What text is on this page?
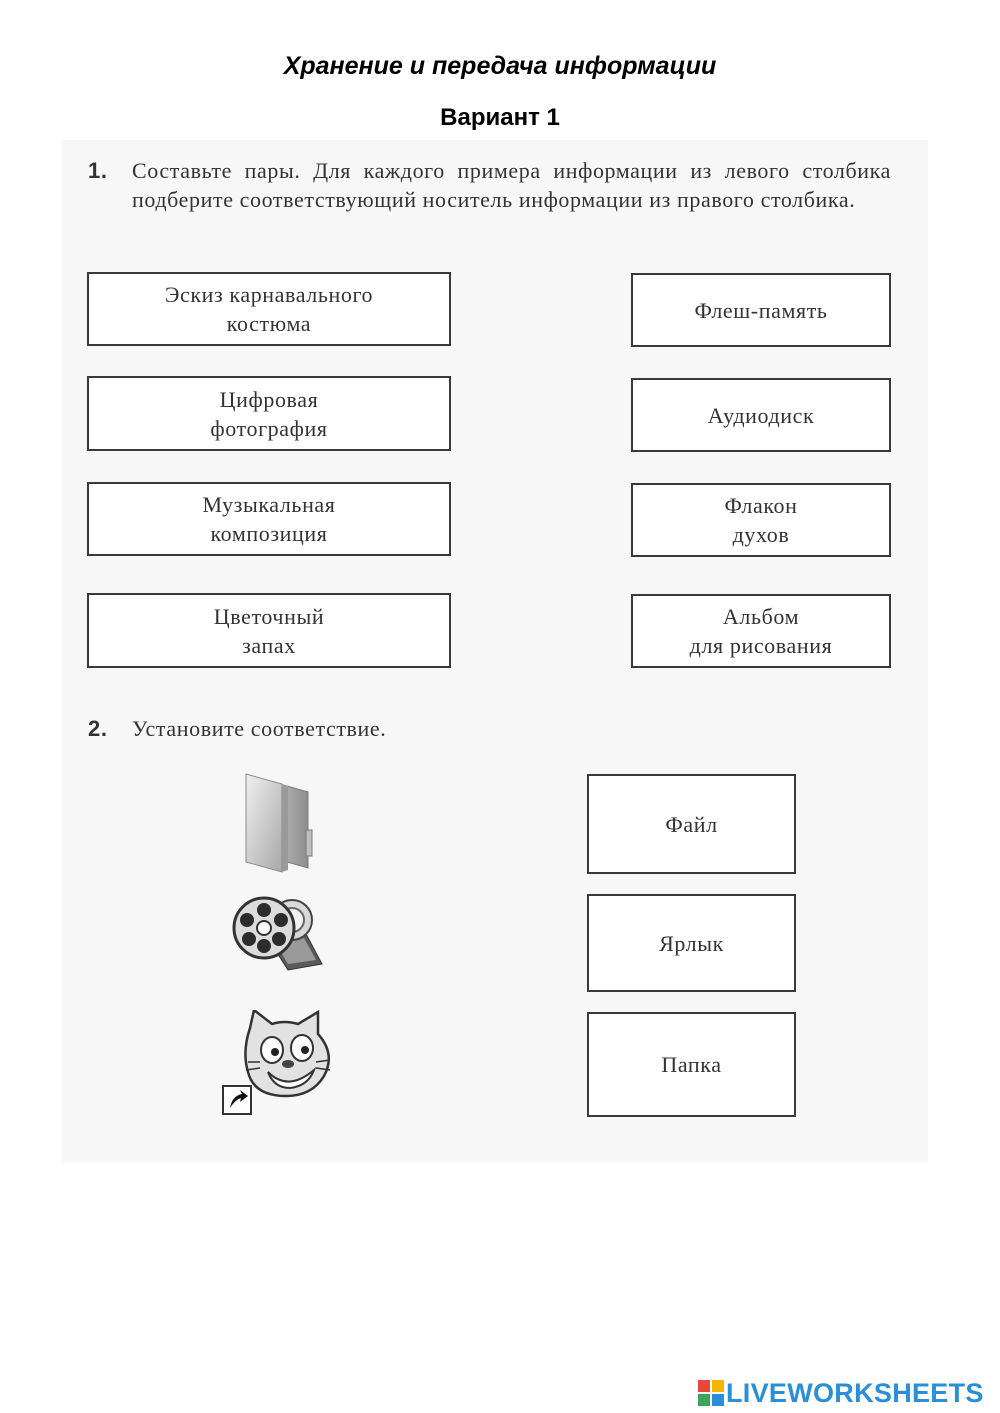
Хранение и передача информации
Вариант 1
1. Составьте пары. Для каждого примера информации из левого столбика подберите соответствующий носитель информации из правого столбика.
Эскиз карнавального
костюма
Цифровая
фотография
Музыкальная
композиция
Цветочный
запах
Флеш-память
Аудиодиск
Флакон
духов
Альбом
для рисования
2. Установите соответствие.
Файл
Ярлык
Папка
LIVEWORKSHEETS
